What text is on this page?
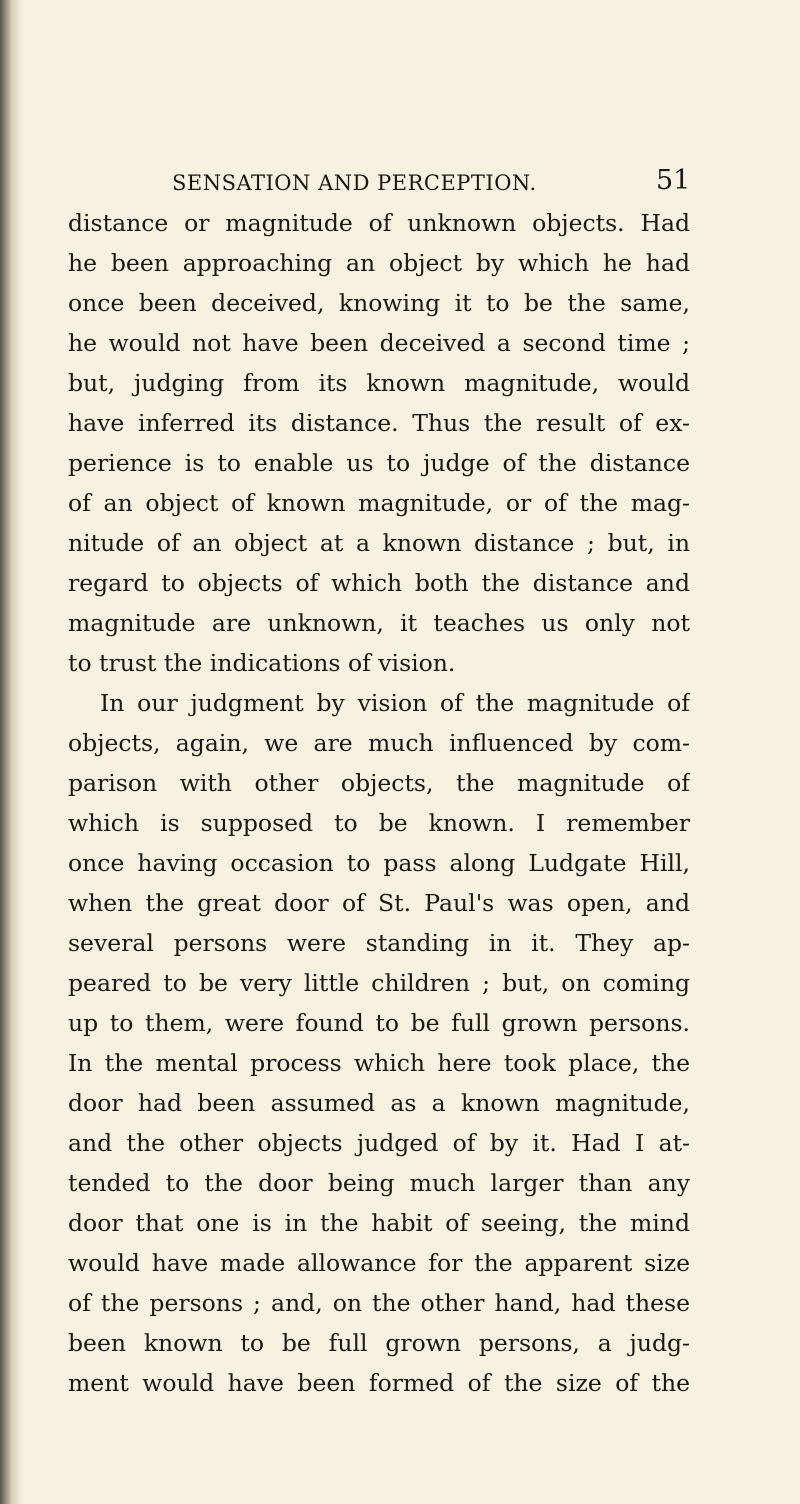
SENSATION AND PERCEPTION.	51
distance or magnitude of unknown objects. Had
he been approaching an object by which he had
once been deceived, knowing it to be the same,
he would not have been deceived a second time ;
but, judging from its known magnitude, would
have inferred its distance. Thus the result of ex-
perience is to enable us to judge of the distance
of an object of known magnitude, or of the mag-
nitude of an object at a known distance ; but, in
regard to objects of which both the distance and
magnitude are unknown, it teaches us only not
to trust the indications of vision.
In our judgment by vision of the magnitude of
objects, again, we are much influenced by com-
parison with other objects, the magnitude of
which is supposed to be known. I remember
once having occasion to pass along Ludgate Hill,
when the great door of St. Paul's was open, and
several persons were standing in it. They ap-
peared to be very little children ; but, on coming
up to them, were found to be full grown persons.
In the mental process which here took place, the
door had been assumed as a known magnitude,
and the other objects judged of by it. Had I at-
tended to the door being much larger than any
door that one is in the habit of seeing, the mind
would have made allowance for the apparent size
of the persons ; and, on the other hand, had these
been known to be full grown persons, a judg-
ment would have been formed of the size of the
